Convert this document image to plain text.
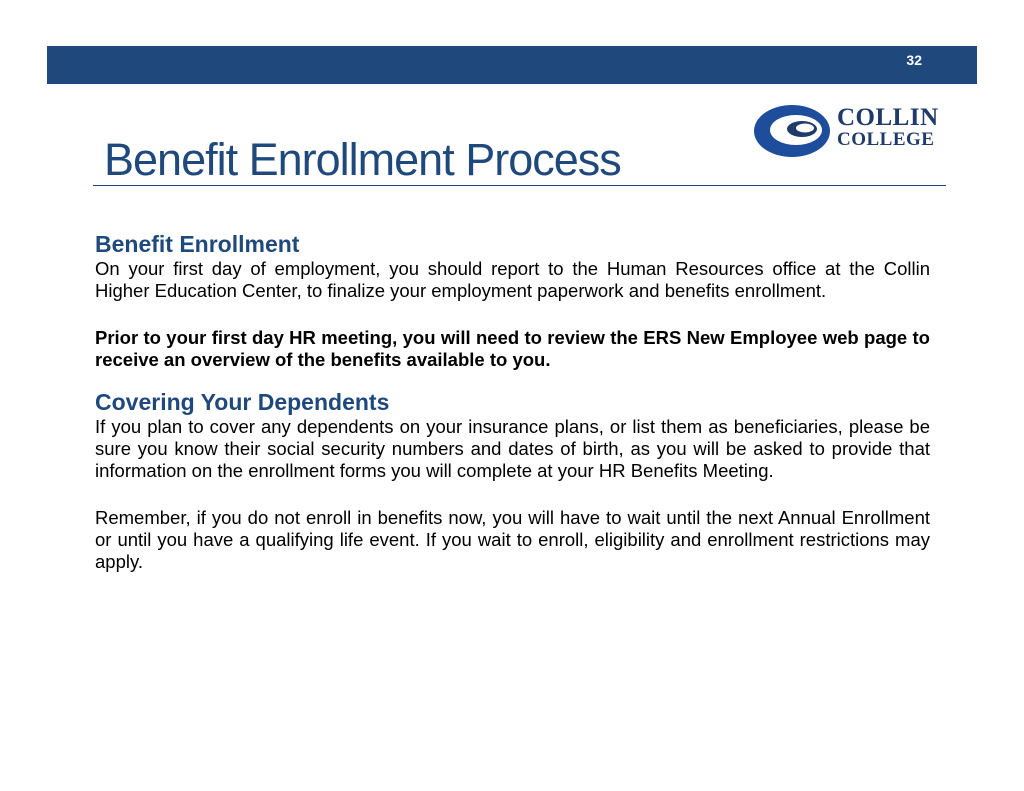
32
COLLIN
COLLEGE
Benefit Enrollment Process
Benefit Enrollment

On your first day of employment, you should report to the Human Resources office at the Collin Higher Education Center, to finalize your employment paperwork and benefits enrollment.

Prior to your first day HR meeting, you will need to review the ERS New Employee web page to receive an overview of the benefits available to you.

Covering Your Dependents

If you plan to cover any dependents on your insurance plans, or list them as beneficiaries, please be sure you know their social security numbers and dates of birth, as you will be asked to provide that information on the enrollment forms you will complete at your HR Benefits Meeting.

Remember, if you do not enroll in benefits now, you will have to wait until the next Annual Enrollment or until you have a qualifying life event. If you wait to enroll, eligibility and enrollment restrictions may apply.
